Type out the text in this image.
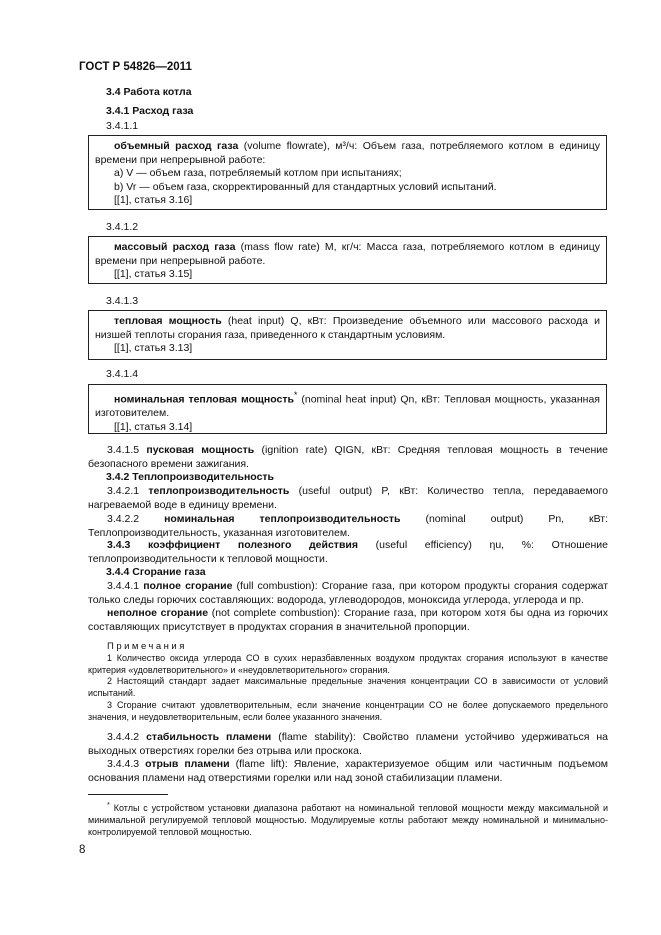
ГОСТ Р 54826—2011
3.4 Работа котла
3.4.1 Расход газа
3.4.1.1

объемный расход газа (volume flowrate), м³/ч: Объем газа, потребляемого котлом в единицу времени при непрерывной работе:

а) V — объем газа, потребляемый котлом при испытаниях;

b) Vr — объем газа, скорректированный для стандартных условий испытаний.

[[1], статья 3.16]

3.4.1.2

массовый расход газа (mass flow rate) M, кг/ч: Масса газа, потребляемого котлом в единицу времени при непрерывной работе.

[[1], статья 3.15]

3.4.1.3

тепловая мощность (heat input) Q, кВт: Произведение объемного или массового расхода и низшей теплоты сгорания газа, приведенного к стандартным условиям.

[[1], статья 3.13]

3.4.1.4

номинальная тепловая мощность* (nominal heat input) Qn, кВт: Тепловая мощность, указанная изготовителем.

[[1], статья 3.14]

3.4.1.5 пусковая мощность (ignition rate) QIGN, кВт: Средняя тепловая мощность в течение безопасного времени зажигания.
3.4.2 Теплопроизводительность
3.4.2.1 теплопроизводительность (useful output) P, кВт: Количество тепла, передаваемого нагреваемой воде в единицу времени.
3.4.2.2 номинальная теплопроизводительность (nominal output) Pn, кВт: Теплопроизводительность, указанная изготовителем.
3.4.3 коэффициент полезного действия (useful efficiency) ηu, %: Отношение теплопроизводительности к тепловой мощности.
3.4.4 Сгорание газа
3.4.4.1 полное сгорание (full combustion): Сгорание газа, при котором продукты сгорания содержат только следы горючих составляющих: водорода, углеводородов, моноксида углерода, углерода и пр.
неполное сгорание (not complete combustion): Сгорание газа, при котором хотя бы одна из горючих составляющих присутствует в продуктах сгорания в значительной пропорции.

Примечания

1 Количество оксида углерода CO в сухих неразбавленных воздухом продуктах сгорания используют в качестве критерия «удовлетворительного» и «неудовлетворительного» сгорания.

2 Настоящий стандарт задает максимальные предельные значения концентрации CO в зависимости от условий испытаний.

3 Сгорание считают удовлетворительным, если значение концентрации CO не более допускаемого предельного значения, и неудовлетворительным, если более указанного значения.

3.4.4.2 стабильность пламени (flame stability): Свойство пламени устойчиво удерживаться на выходных отверстиях горелки без отрыва или проскока.
3.4.4.3 отрыв пламени (flame lift): Явление, характеризуемое общим или частичным подъемом основания пламени над отверстиями горелки или над зоной стабилизации пламени.
* Котлы с устройством установки диапазона работают на номинальной тепловой мощности между максимальной и минимальной регулируемой тепловой мощностью. Модулируемые котлы работают между номинальной и минимально-контролируемой тепловой мощностью.
8
